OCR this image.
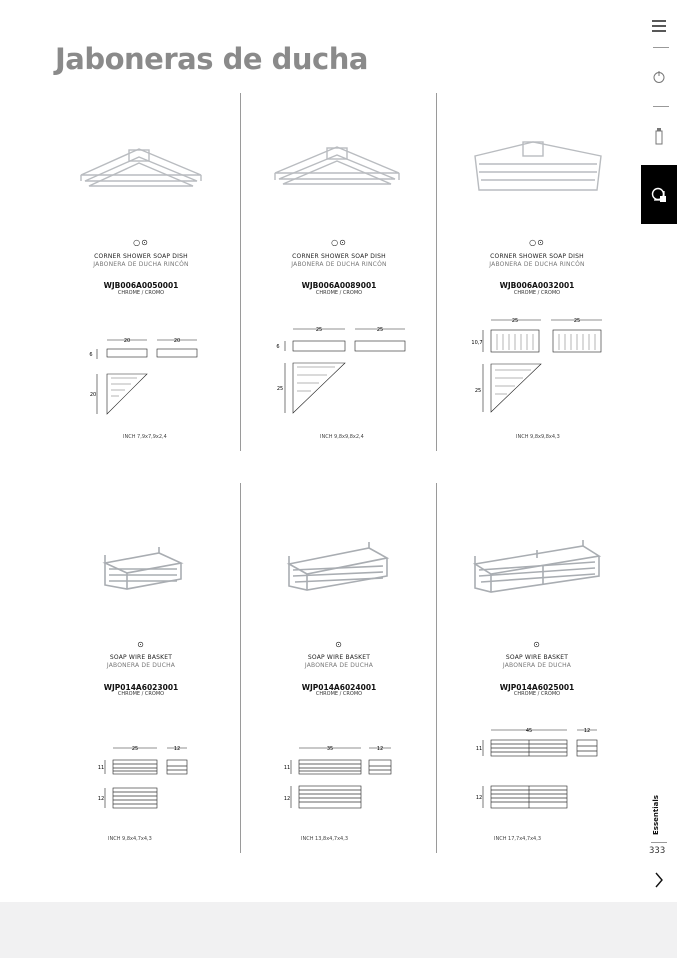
Jaboneras de ducha
○⊙
CORNER SHOWER SOAP DISH
JABONERA DE DUCHA RINCÓN
WJB006A0050001
CHROME / CROMO
20	20
6
20
INCH 7,9x7,9x2,4
○⊙
CORNER SHOWER SOAP DISH
JABONERA DE DUCHA RINCÓN
WJB006A0089001
CHROME / CROMO
25	25
6
25
INCH 9,8x9,8x2,4
○⊙
CORNER SHOWER SOAP DISH
JABONERA DE DUCHA RINCÓN
WJB006A0032001
CHROME / CROMO
25	25
10,7
25
INCH 9,8x9,8x4,3
⊙
SOAP WIRE BASKET
JABONERA DE DUCHA
WJP014A6023001
CHROME / CROMO
25	12
11
12
INCH 9,8x4,7x4,3
⊙
SOAP WIRE BASKET
JABONERA DE DUCHA
WJP014A6024001
CHROME / CROMO
35	12
11
12
INCH 13,8x4,7x4,3
⊙
SOAP WIRE BASKET
JABONERA DE DUCHA
WJP014A6025001
CHROME / CROMO
45	12
11
12
INCH 17,7x4,7x4,3
Essentials
333
